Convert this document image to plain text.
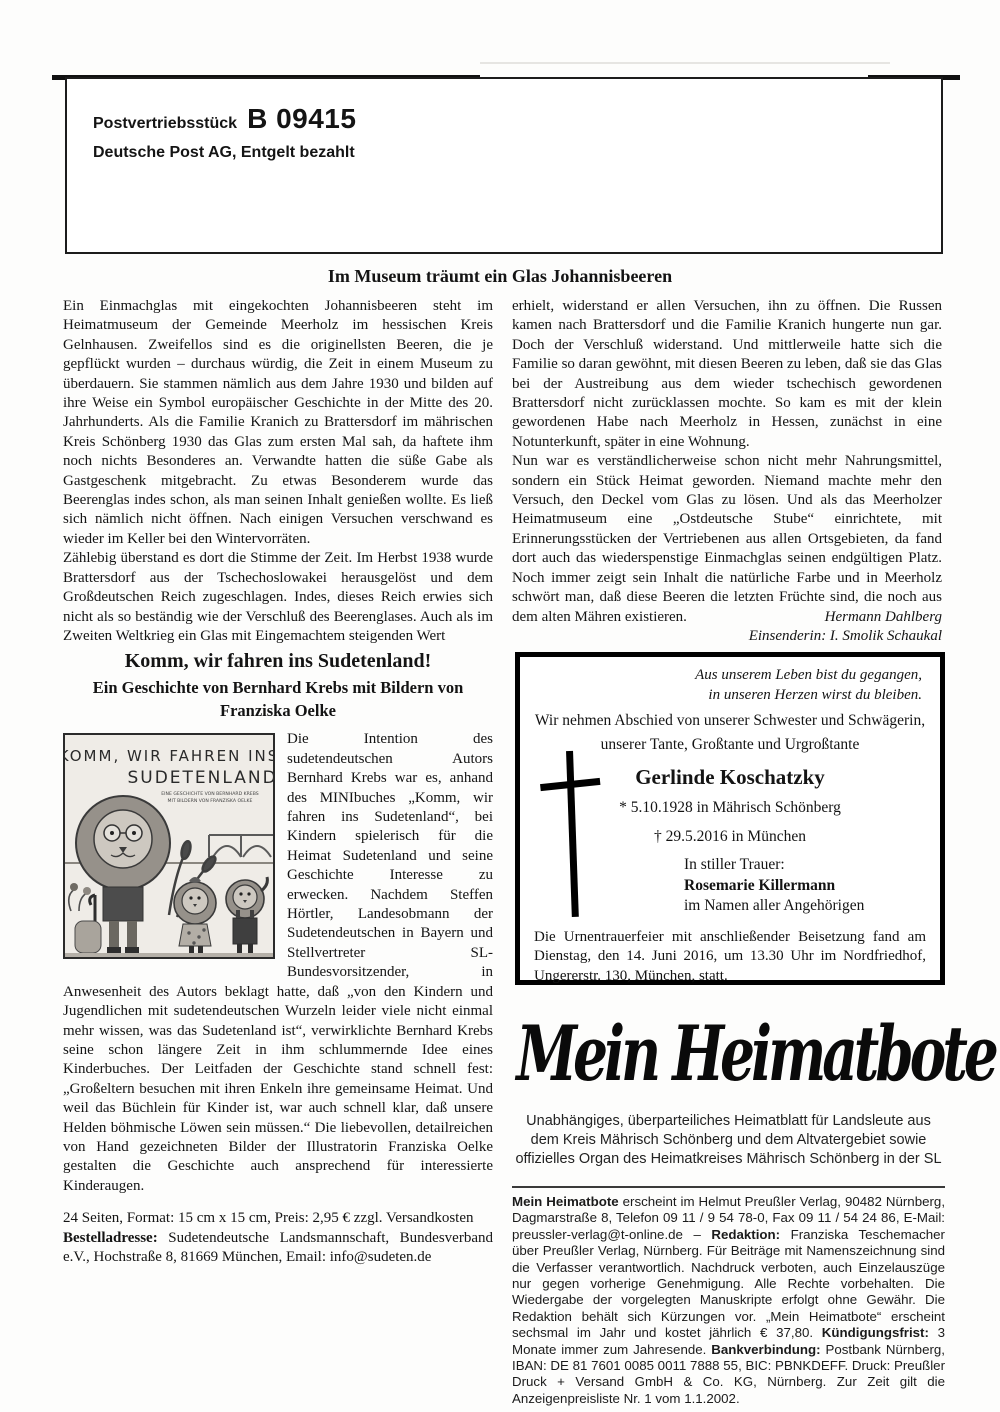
Postvertriebsstück B 09415
Deutsche Post AG, Entgelt bezahlt
Im Museum träumt ein Glas Johannisbeeren

Ein Einmachglas mit eingekochten Johannisbeeren steht im Heimatmuseum der Gemeinde Meerholz im hessischen Kreis Gelnhausen. Zweifellos sind es die originellsten Beeren, die je gepflückt wurden – durchaus würdig, die Zeit in einem Museum zu überdauern. Sie stammen nämlich aus dem Jahre 1930 und bilden auf ihre Weise ein Symbol europäischer Geschichte in der Mitte des 20. Jahrhunderts. Als die Familie Kranich zu Brattersdorf im mährischen Kreis Schönberg 1930 das Glas zum ersten Mal sah, da haftete ihm noch nichts Besonderes an. Verwandte hatten die süße Gabe als Gastgeschenk mitgebracht. Zu etwas Besonderem wurde das Beerenglas indes schon, als man seinen Inhalt genießen wollte. Es ließ sich nämlich nicht öffnen. Nach einigen Versuchen verschwand es wieder im Keller bei den Wintervorräten.

Zählebig überstand es dort die Stimme der Zeit. Im Herbst 1938 wurde Brattersdorf aus der Tschechoslowakei herausgelöst und dem Großdeutschen Reich zugeschlagen. Indes, dieses Reich erwies sich nicht als so beständig wie der Verschluß des Beerenglases. Auch als im Zweiten Weltkrieg ein Glas mit Eingemachtem steigenden Wert

erhielt, widerstand er allen Versuchen, ihn zu öffnen. Die Russen kamen nach Brattersdorf und die Familie Kranich hungerte nun gar. Doch der Verschluß widerstand. Und mittlerweile hatte sich die Familie so daran gewöhnt, mit diesen Beeren zu leben, daß sie das Glas bei der Austreibung aus dem wieder tschechisch gewordenen Brattersdorf nicht zurücklassen mochte. So kam es mit der klein gewordenen Habe nach Meerholz in Hessen, zunächst in eine Notunterkunft, später in eine Wohnung.

Nun war es verständlicherweise schon nicht mehr Nahrungsmittel, sondern ein Stück Heimat geworden. Niemand machte mehr den Versuch, den Deckel vom Glas zu lösen. Und als das Meerholzer Heimatmuseum eine „Ostdeutsche Stube“ einrichtete, mit Erinnerungsstücken der Vertriebenen aus allen Ortsgebieten, da fand dort auch das wiederspenstige Einmachglas seinen endgültigen Platz. Noch immer zeigt sein Inhalt die natürliche Farbe und in Meerholz schwört man, daß diese Beeren die letzten Früchte sind, die noch aus dem alten Mähren existieren.	Hermann Dahlberg
Einsenderin: I. Smolik Schaukal
Komm, wir fahren ins Sudetenland!
Ein Geschichte von Bernhard Krebs mit Bildern von Franziska Oelke
KOMM, WIR FAHREN INS
SUDETENLAND!
EINE GESCHICHTE VON BERNHARD KREBS
MIT BILDERN VON FRANZISKA OELKE

Die Intention des sudetendeutschen Autors Bernhard Krebs war es, anhand des MINIbuches „Komm, wir fahren ins Sudetenland“, bei Kindern spielerisch für die Heimat Sudetenland und seine Geschichte Interesse zu erwecken. Nachdem Steffen Hörtler, Landesobmann der Sudetendeutschen in Bayern und Stellvertreter SL-Bundesvorsitzender, in Anwesenheit des Autors beklagt hatte, daß „von den Kindern und Jugendlichen mit sudetendeutschen Wurzeln leider viele nicht einmal mehr wissen, was das Sudetenland ist“, verwirklichte Bernhard Krebs seine schon längere Zeit in ihm schlummernde Idee eines Kinderbuches. Der Leitfaden der Geschichte stand schnell fest: „Großeltern besuchen mit ihren Enkeln ihre gemeinsame Heimat. Und weil das Büchlein für Kinder ist, war auch schnell klar, daß unsere Helden böhmische Löwen sein müssen.“ Die liebevollen, detailreichen von Hand gezeichneten Bilder der Illustratorin Franziska Oelke gestalten die Geschichte auch ansprechend für interessierte Kinderaugen.

24 Seiten, Format: 15 cm x 15 cm, Preis: 2,95 € zzgl. Versandkosten

Bestelladresse: Sudetendeutsche Landsmannschaft, Bundesverband e.V., Hochstraße 8, 81669 München, Email: info@sudeten.de

Aus unserem Leben bist du gegangen,
in unseren Herzen wirst du bleiben.
Wir nehmen Abschied von unserer Schwester und Schwägerin,
unserer Tante, Großtante und Urgroßtante
Gerlinde Koschatzky
* 5.10.1928 in Mährisch Schönberg
† 29.5.2016 in München
In stiller Trauer:
Rosemarie Killermann
im Namen aller Angehörigen
Die Urnentrauerfeier mit anschließender Beisetzung fand am Dienstag, den 14. Juni 2016, um 13.30 Uhr im Nordfriedhof, Ungererstr. 130, München, statt.
Mein Heimatbote
Unabhängiges, überparteiliches Heimatblatt für Landsleute aus
dem Kreis Mährisch Schönberg und dem Altvatergebiet sowie
offizielles Organ des Heimatkreises Mährisch Schönberg in der SL
Mein Heimatbote erscheint im Helmut Preußler Verlag, 90482 Nürnberg, Dagmarstraße 8, Telefon 09 11 / 9 54 78-0, Fax 09 11 / 54 24 86, E-Mail: preussler-verlag@t-online.de – Redaktion: Franziska Teschemacher über Preußler Verlag, Nürnberg. Für Beiträge mit Namenszeichnung sind die Verfasser verantwortlich. Nachdruck verboten, auch Einzelauszüge nur gegen vorherige Genehmigung. Alle Rechte vorbehalten. Die Wiedergabe der vorgelegten Manuskripte erfolgt ohne Gewähr. Die Redaktion behält sich Kürzungen vor. „Mein Heimatbote“ erscheint sechsmal im Jahr und kostet jährlich € 37,80. Kündigungsfrist: 3 Monate immer zum Jahresende. Bankverbindung: Postbank Nürnberg, IBAN: DE 81 7601 0085 0011 7888 55, BIC: PBNKDEFF. Druck: Preußler Druck + Versand GmbH & Co. KG, Nürnberg. Zur Zeit gilt die Anzeigenpreisliste Nr. 1 vom 1.1.2002.
